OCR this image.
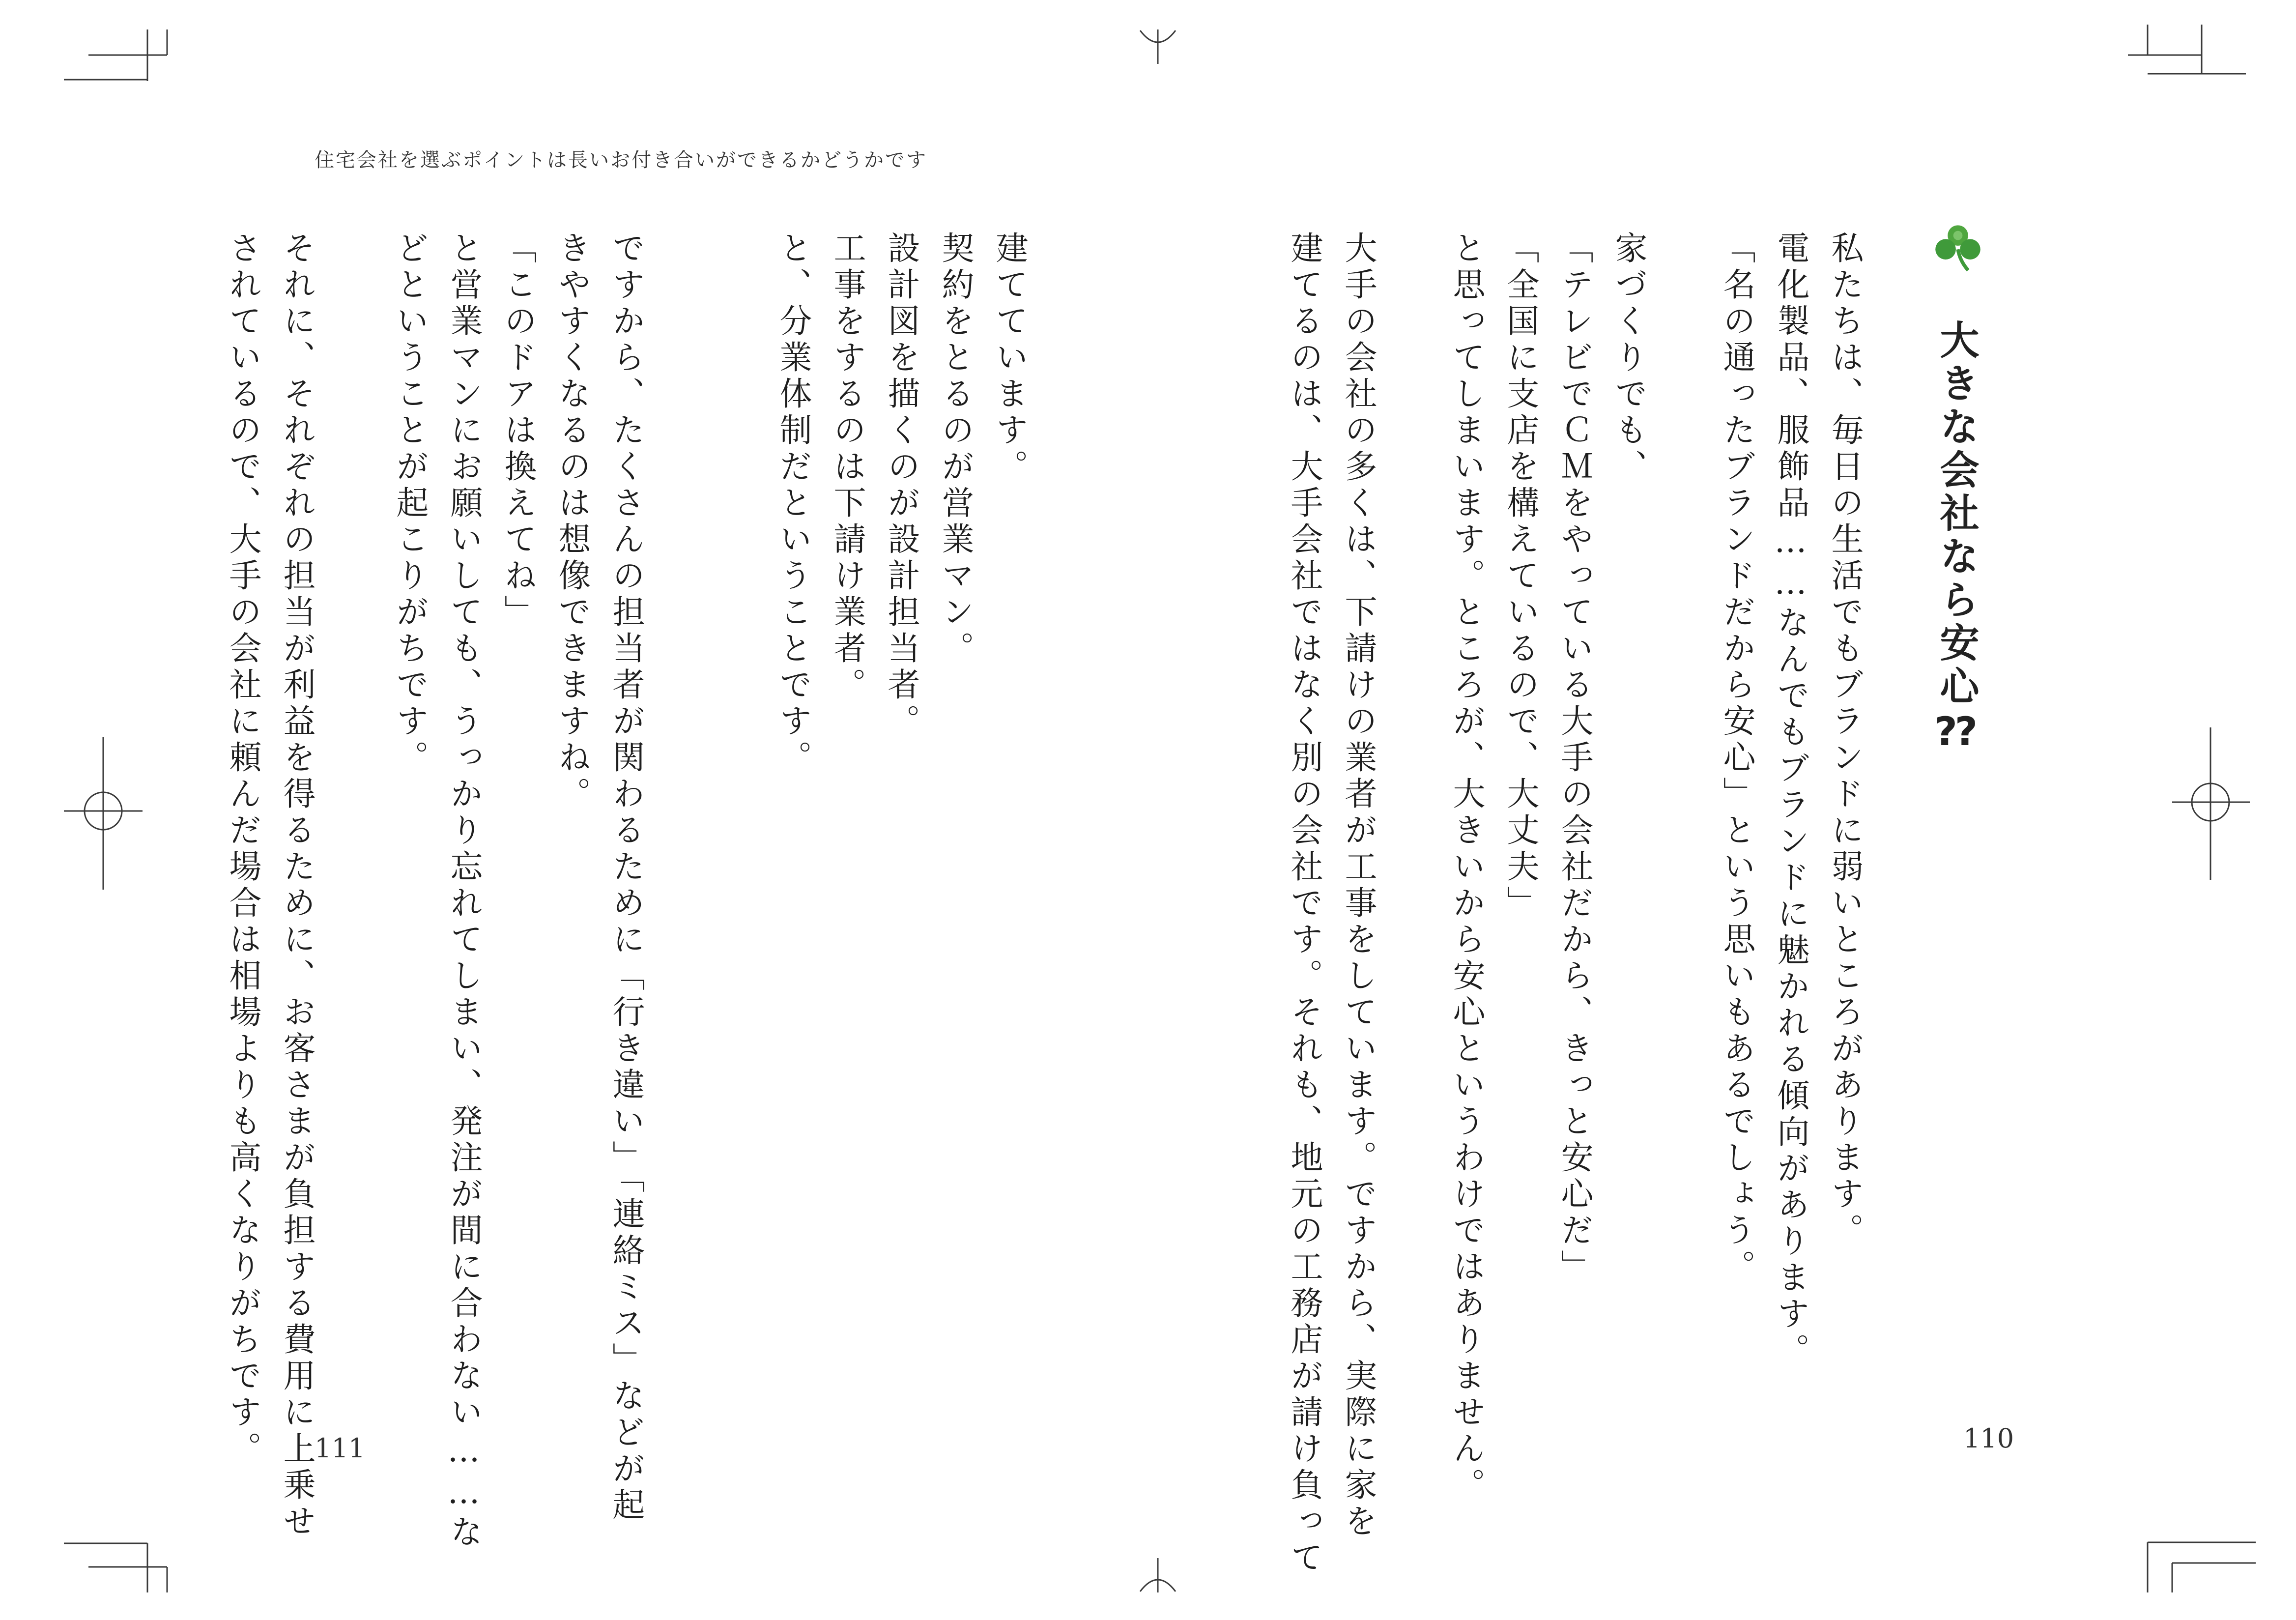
住宅会社を選ぶポイントは長いお付き合いができるかどうかです
大きな会社なら安心⁇
私たちは、毎日の生活でもブランドに弱いところがあります。
電化製品、服飾品……なんでもブランドに魅かれる傾向があります。
「名の通ったブランドだから安心」という思いもあるでしょう。
家づくりでも、
「テレビでＣＭをやっている大手の会社だから、きっと安心だ」
「全国に支店を構えているので、大丈夫」
と思ってしまいます。ところが、大きいから安心というわけではありません。
大手の会社の多くは、下請けの業者が工事をしています。ですから、実際に家を
建てるのは、大手会社ではなく別の会社です。それも、地元の工務店が請け負って
建てています。
契約をとるのが営業マン。
設計図を描くのが設計担当者。
工事をするのは下請け業者。
と、分業体制だということです。
ですから、たくさんの担当者が関わるために「行き違い」「連絡ミス」などが起
きやすくなるのは想像できますね。
「このドアは換えてね」
と営業マンにお願いしても、うっかり忘れてしまい、発注が間に合わない……な
どということが起こりがちです。
それに、それぞれの担当が利益を得るために、お客さまが負担する費用に上乗せ
されているので、大手の会社に頼んだ場合は相場よりも高くなりがちです。	110
111
